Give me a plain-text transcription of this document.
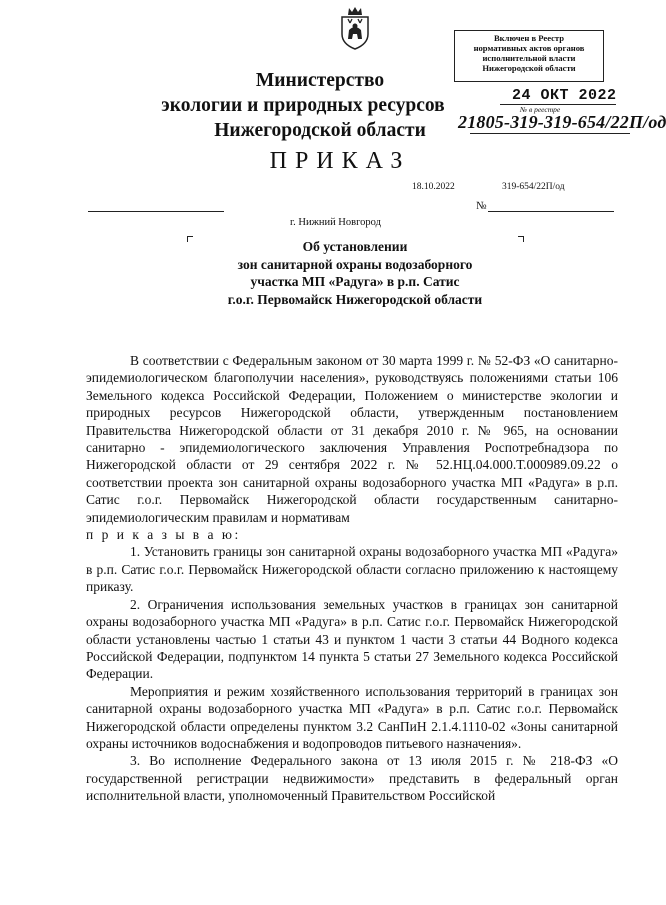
Министерство
экологии и природных ресурсов
Нижегородской области
Включен в Реестр
нормативных актов органов
исполнительной власти
Нижегородской области
24 ОКТ 2022
№ в реестре
21805-319-319-654/22П/од
ПРИКАЗ
18.10.2022	319-654/22П/од
№
г. Нижний Новгород
Об установлении
зон санитарной охраны водозаборного
участка МП «Радуга» в р.п. Сатис
г.о.г. Первомайск Нижегородской области

В соответствии с Федеральным законом от 30 марта 1999 г. № 52-ФЗ «О санитарно-эпидемиологическом благополучии населения», руководствуясь положениями статьи 106 Земельного кодекса Российской Федерации, Положением о министерстве экологии и природных ресурсов Нижегородской области, утвержденным постановлением Правительства Нижегородской области от 31 декабря 2010 г. № 965, на основании санитарно - эпидемиологического заключения Управления Роспотребнадзора по Нижегородской области от 29 сентября 2022 г. № 52.НЦ.04.000.Т.000989.09.22 о соответствии проекта зон санитарной охраны водозаборного участка МП «Радуга» в р.п. Сатис г.о.г. Первомайск Нижегородской области государственным санитарно-эпидемиологическим правилам и нормативам

п р и к а з ы в а ю:

1. Установить границы зон санитарной охраны водозаборного участка МП «Радуга» в р.п. Сатис г.о.г. Первомайск Нижегородской области согласно приложению к настоящему приказу.

2. Ограничения использования земельных участков в границах зон санитарной охраны водозаборного участка МП «Радуга» в р.п. Сатис г.о.г. Первомайск Нижегородской области установлены частью 1 статьи 43 и пунктом 1 части 3 статьи 44 Водного кодекса Российской Федерации, подпунктом 14 пункта 5 статьи 27 Земельного кодекса Российской Федерации.

Мероприятия и режим хозяйственного использования территорий в границах зон санитарной охраны водозаборного участка МП «Радуга» в р.п. Сатис г.о.г. Первомайск Нижегородской области определены пунктом 3.2 СанПиН 2.1.4.1110-02 «Зоны санитарной охраны источников водоснабжения и водопроводов питьевого назначения».

3. Во исполнение Федерального закона от 13 июля 2015 г. № 218-ФЗ «О государственной регистрации недвижимости» представить в федеральный орган исполнительной власти, уполномоченный Правительством Российской
